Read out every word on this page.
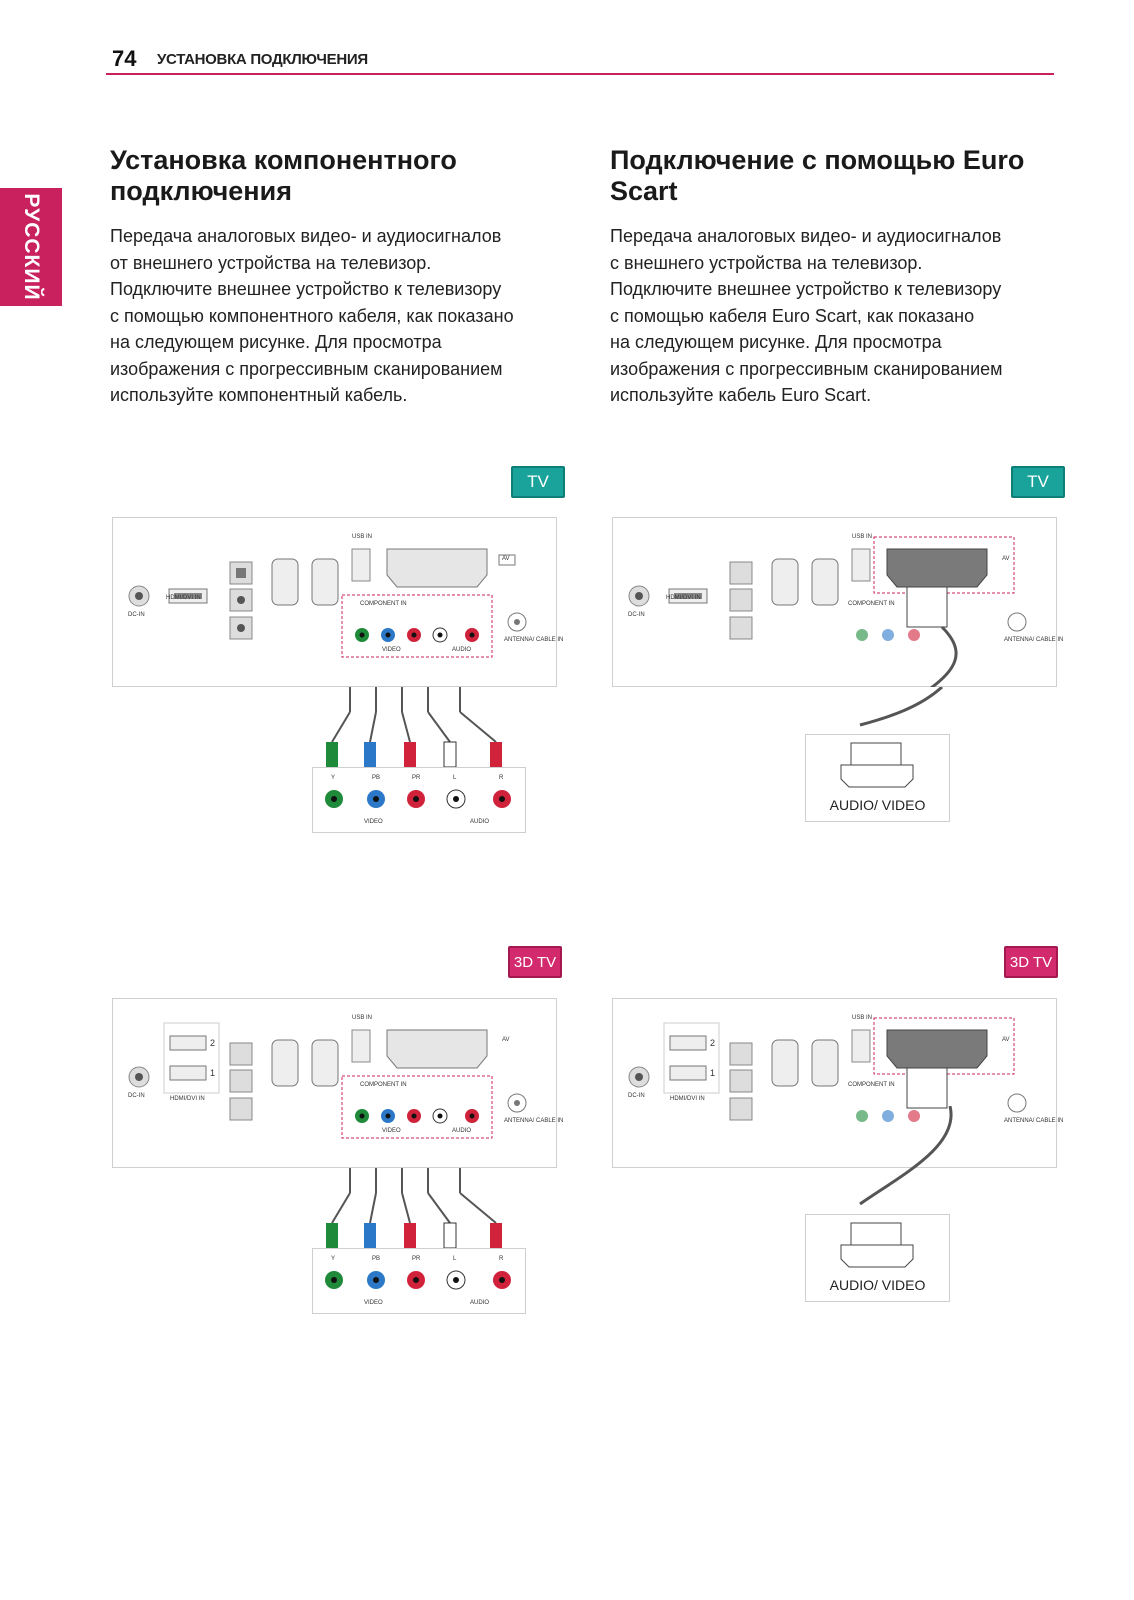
74 УСТАНОВКА ПОДКЛЮЧЕНИЯ
РУССКИЙ
Установка компонентного
подключения
Передача аналоговых видео- и аудиосигналов
от внешнего устройства на телевизор.
Подключите внешнее устройство к телевизору
с помощью компонентного кабеля, как показано
на следующем рисунке. Для просмотра
изображения с прогрессивным сканированием
используйте компонентный кабель.
Подключение с помощью Euro
Scart
Передача аналоговых видео- и аудиосигналов
с внешнего устройства на телевизор.
Подключите внешнее устройство к телевизору
с помощью кабеля Euro Scart, как показано
на следующем рисунке. Для просмотра
изображения с прогрессивным сканированием
используйте кабель Euro Scart.
TV	TV
3D TV	3D TV
DC-IN
HDMI/DVI IN
USB IN
AV
COMPONENT IN
VIDEO	AUDIO
ANTENNA/ CABLE IN
Y	PB	PR	L	R
VIDEO	AUDIO
DC-IN
HDMI/DVI IN
USB IN
AV
COMPONENT IN
ANTENNA/ CABLE IN
AUDIO/ VIDEO
DC-IN	HDMI/DVI IN
2
1
USB IN
AV
COMPONENT IN
VIDEO	AUDIO
ANTENNA/ CABLE IN
Y	PB	PR	L	R
VIDEO	AUDIO
DC-IN	HDMI/DVI IN
2
1
USB IN
AV
COMPONENT IN
ANTENNA/ CABLE IN
AUDIO/ VIDEO
